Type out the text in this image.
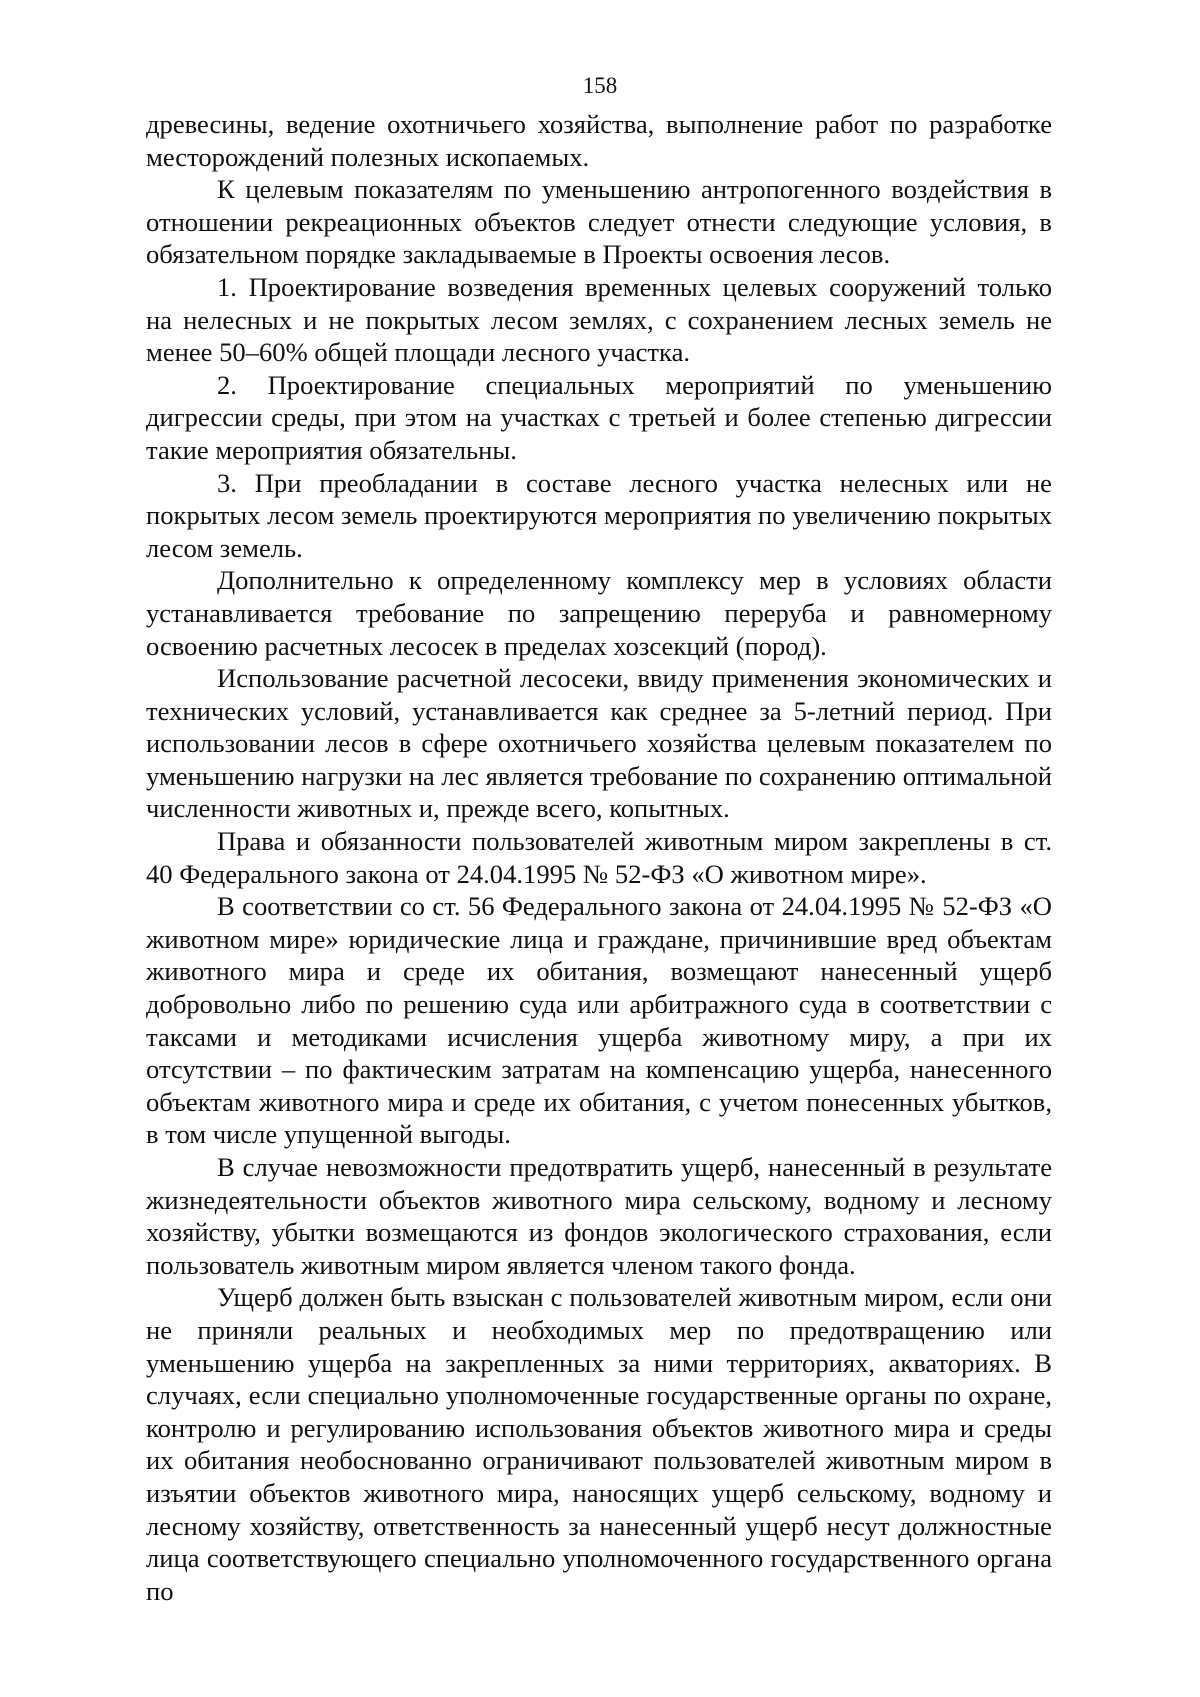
158

древесины, ведение охотничьего хозяйства, выполнение работ по разработке месторождений полезных ископаемых.

К целевым показателям по уменьшению антропогенного воздействия в отношении рекреационных объектов следует отнести следующие условия, в обязательном порядке закладываемые в Проекты освоения лесов.

1. Проектирование возведения временных целевых сооружений только на нелесных и не покрытых лесом землях, с сохранением лесных земель не менее 50–60% общей площади лесного участка.

2. Проектирование специальных мероприятий по уменьшению дигрессии среды, при этом на участках с третьей и более степенью дигрессии такие мероприятия обязательны.

3. При преобладании в составе лесного участка нелесных или не покрытых лесом земель проектируются мероприятия по увеличению покрытых лесом земель.

Дополнительно к определенному комплексу мер в условиях области устанавливается требование по запрещению переруба и равномерному освоению расчетных лесосек в пределах хозсекций (пород).

Использование расчетной лесосеки, ввиду применения экономических и технических условий, устанавливается как среднее за 5-летний период. При использовании лесов в сфере охотничьего хозяйства целевым показателем по уменьшению нагрузки на лес является требование по сохранению оптимальной численности животных и, прежде всего, копытных.

Права и обязанности пользователей животным миром закреплены в ст. 40 Федерального закона от 24.04.1995 № 52-ФЗ «О животном мире».

В соответствии со ст. 56 Федерального закона от 24.04.1995 № 52-ФЗ «О животном мире» юридические лица и граждане, причинившие вред объектам животного мира и среде их обитания, возмещают нанесенный ущерб добровольно либо по решению суда или арбитражного суда в соответствии с таксами и методиками исчисления ущерба животному миру, а при их отсутствии – по фактическим затратам на компенсацию ущерба, нанесенного объектам животного мира и среде их обитания, с учетом понесенных убытков, в том числе упущенной выгоды.

В случае невозможности предотвратить ущерб, нанесенный в результате жизнедеятельности объектов животного мира сельскому, водному и лесному хозяйству, убытки возмещаются из фондов экологического страхования, если пользователь животным миром является членом такого фонда.

Ущерб должен быть взыскан с пользователей животным миром, если они не приняли реальных и необходимых мер по предотвращению или уменьшению ущерба на закрепленных за ними территориях, акваториях. В случаях, если специально уполномоченные государственные органы по охране, контролю и регулированию использования объектов животного мира и среды их обитания необоснованно ограничивают пользователей животным миром в изъятии объектов животного мира, наносящих ущерб сельскому, водному и лесному хозяйству, ответственность за нанесенный ущерб несут должностные лица соответствующего специально уполномоченного государственного органа по
